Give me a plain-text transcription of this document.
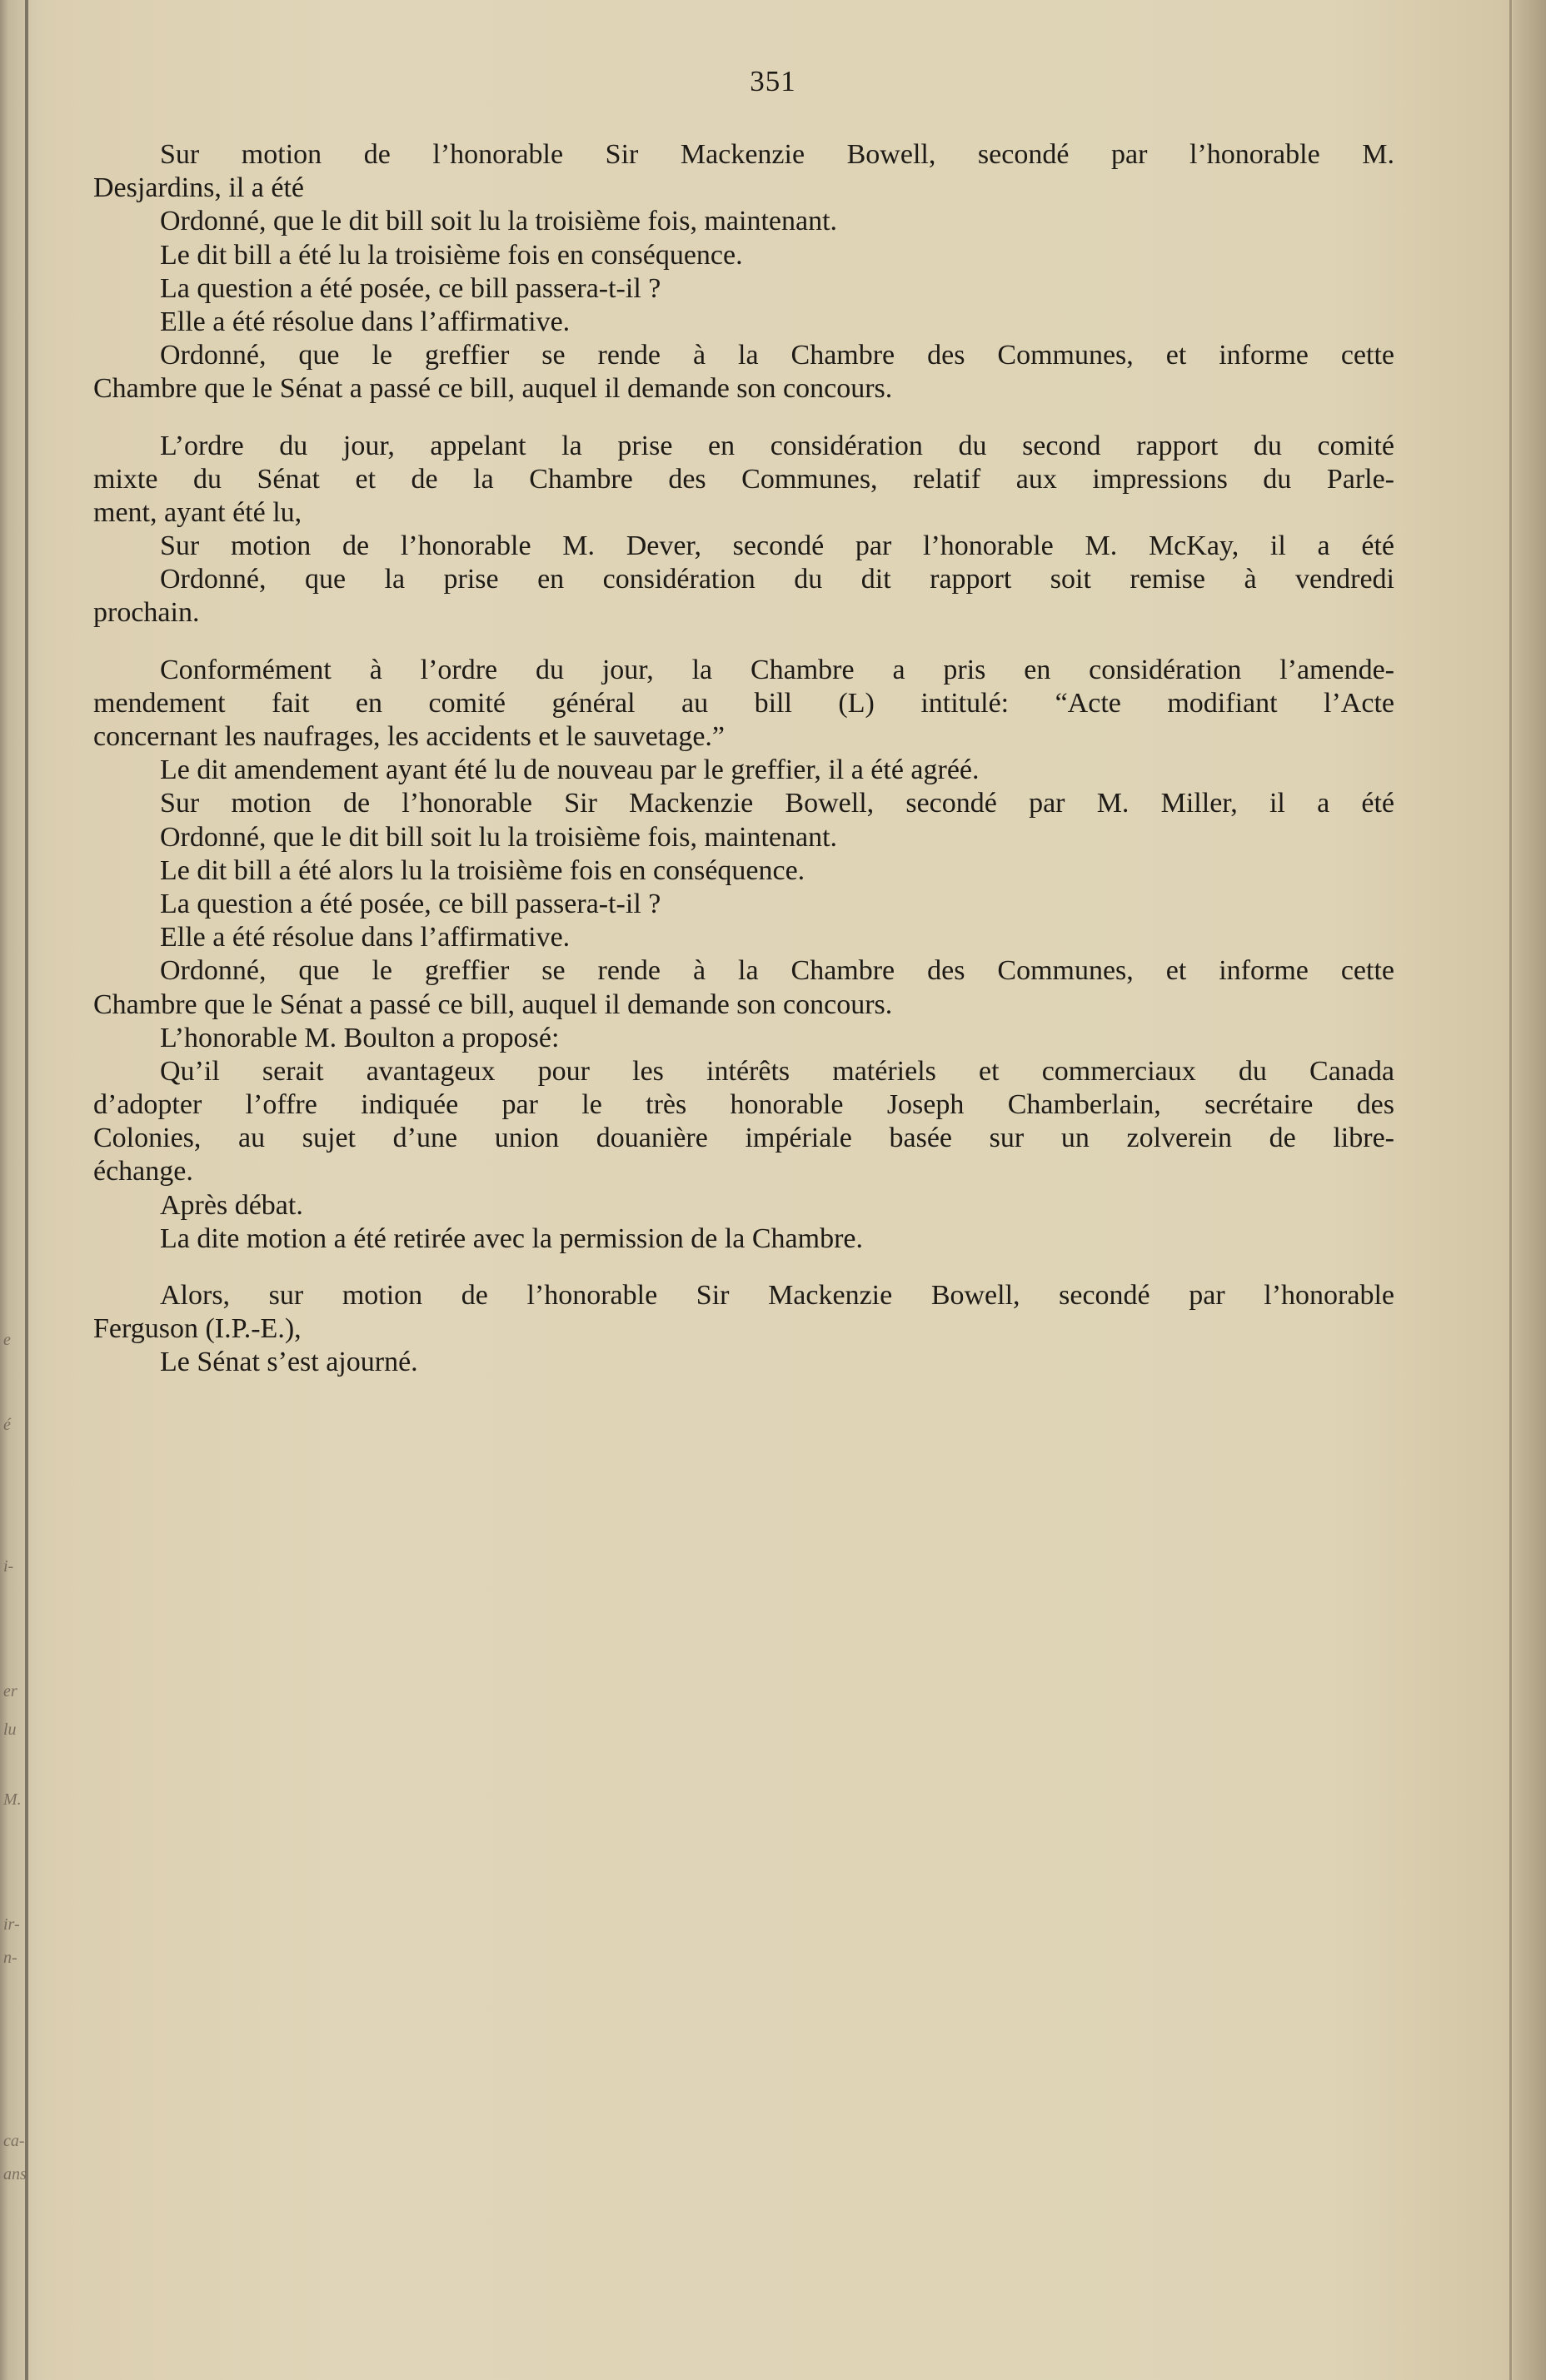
e
é
i-
er
lu
M.
ir-
n-
ca-
ans
351
Sur motion de l’honorable Sir Mackenzie Bowell, secondé par l’honorable M.
Desjardins, il a été
Ordonné, que le dit bill soit lu la troisième fois, maintenant.
Le dit bill a été lu la troisième fois en conséquence.
La question a été posée, ce bill passera-t-il ?
Elle a été résolue dans l’affirmative.
Ordonné, que le greffier se rende à la Chambre des Communes, et informe cette
Chambre que le Sénat a passé ce bill, auquel il demande son concours.
L’ordre du jour, appelant la prise en considération du second rapport du comité
mixte du Sénat et de la Chambre des Communes, relatif aux impressions du Parle-
ment, ayant été lu,
Sur motion de l’honorable M. Dever, secondé par l’honorable M. McKay, il a été
Ordonné, que la prise en considération du dit rapport soit remise à vendredi
prochain.
Conformément à l’ordre du jour, la Chambre a pris en considération l’amende-
mendement fait en comité général au bill (L) intitulé: “Acte modifiant l’Acte
concernant les naufrages, les accidents et le sauvetage.”
Le dit amendement ayant été lu de nouveau par le greffier, il a été agréé.
Sur motion de l’honorable Sir Mackenzie Bowell, secondé par M. Miller, il a été
Ordonné, que le dit bill soit lu la troisième fois, maintenant.
Le dit bill a été alors lu la troisième fois en conséquence.
La question a été posée, ce bill passera-t-il ?
Elle a été résolue dans l’affirmative.
Ordonné, que le greffier se rende à la Chambre des Communes, et informe cette
Chambre que le Sénat a passé ce bill, auquel il demande son concours.
L’honorable M. Boulton a proposé:
Qu’il serait avantageux pour les intérêts matériels et commerciaux du Canada
d’adopter l’offre indiquée par le très honorable Joseph Chamberlain, secrétaire des
Colonies, au sujet d’une union douanière impériale basée sur un zolverein de libre-
échange.
Après débat.
La dite motion a été retirée avec la permission de la Chambre.
Alors, sur motion de l’honorable Sir Mackenzie Bowell, secondé par l’honorable
Ferguson (I.P.-E.),
Le Sénat s’est ajourné.
